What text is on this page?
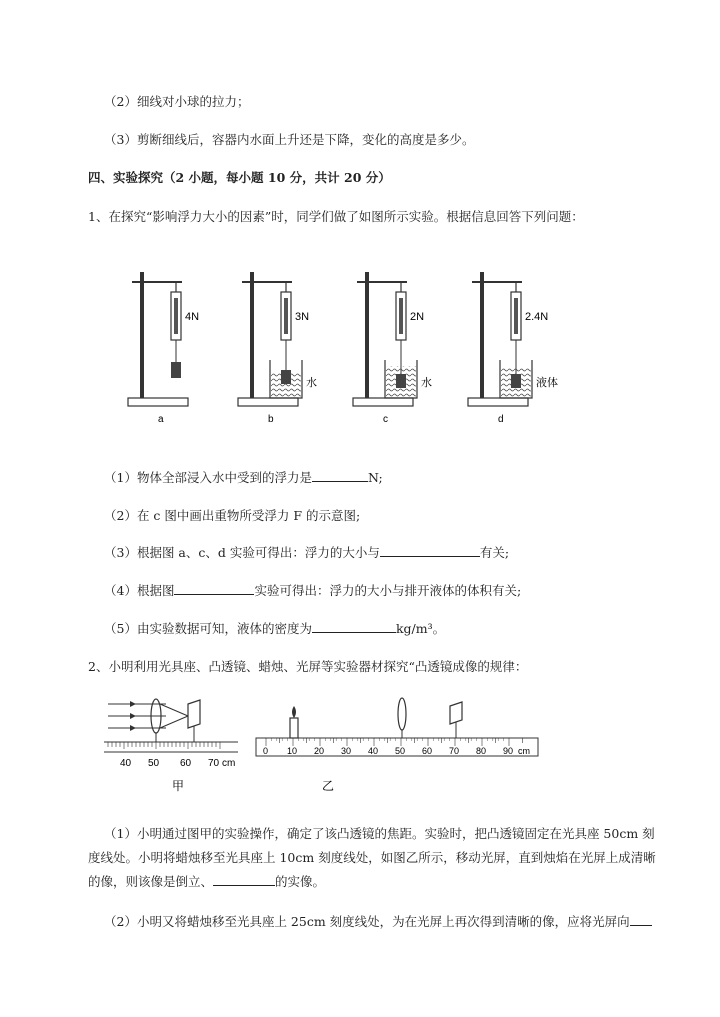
（2）细线对小球的拉力；
（3）剪断细线后，容器内水面上升还是下降，变化的高度是多少。
四、实验探究（2 小题，每小题 10 分，共计 20 分）
1、在探究“影响浮力大小的因素”时，同学们做了如图所示实验。根据信息回答下列问题：
4N
a
3N
水
b
2N
水
c
2.4N
液体
d
（1）物体全部浸入水中受到的浮力是	N;
（2）在 c 图中画出重物所受浮力 F 的示意图;
（3）根据图 a、c、d 实验可得出：浮力的大小与	有关;
（4）根据图	实验可得出：浮力的大小与排开液体的体积有关;
（5）由实验数据可知，液体的密度为	kg/m³。
2、小明利用光具座、凸透镜、蜡烛、光屏等实验器材探究“凸透镜成像的规律：
40 50 60 70 cm
甲
0 10 20 30 40 50 60 70 80 90 cm
乙
（1）小明通过图甲的实验操作，确定了该凸透镜的焦距。实验时，把凸透镜固定在光具座 50cm 刻
度线处。小明将蜡烛移至光具座上 10cm 刻度线处，如图乙所示，移动光屏，直到烛焰在光屏上成清晰
的像，则该像是倒立、	的实像。
（2）小明又将蜡烛移至光具座上 25cm 刻度线处，为在光屏上再次得到清晰的像，应将光屏向
